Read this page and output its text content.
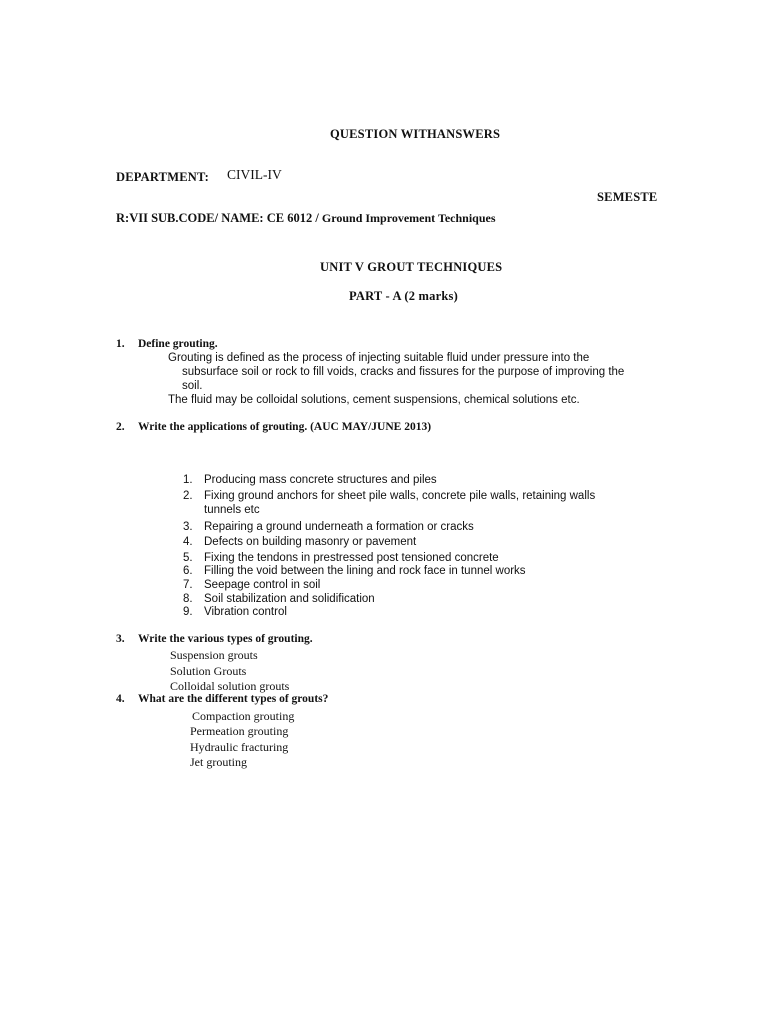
QUESTION WITHANSWERS
DEPARTMENT: CIVIL-IV
SEMESTE
R:VII SUB.CODE/ NAME: CE 6012 / Ground Improvement Techniques
UNIT V GROUT TECHNIQUES
PART - A (2 marks)
1. Define grouting.
Grouting is defined as the process of injecting suitable fluid under pressure into the
subsurface soil or rock to fill voids, cracks and fissures for the purpose of improving the
soil.
The fluid may be colloidal solutions, cement suspensions, chemical solutions etc.
2. Write the applications of grouting. (AUC MAY/JUNE 2013)
1. Producing mass concrete structures and piles
2. Fixing ground anchors for sheet pile walls, concrete pile walls, retaining walls
tunnels etc
3. Repairing a ground underneath a formation or cracks
4. Defects on building masonry or pavement
5. Fixing the tendons in prestressed post tensioned concrete
6. Filling the void between the lining and rock face in tunnel works
7. Seepage control in soil
8. Soil stabilization and solidification
9. Vibration control
3. Write the various types of grouting.
Suspension grouts
Solution Grouts
Colloidal solution grouts
4. What are the different types of grouts?
Compaction grouting
Permeation grouting
Hydraulic fracturing
Jet grouting
